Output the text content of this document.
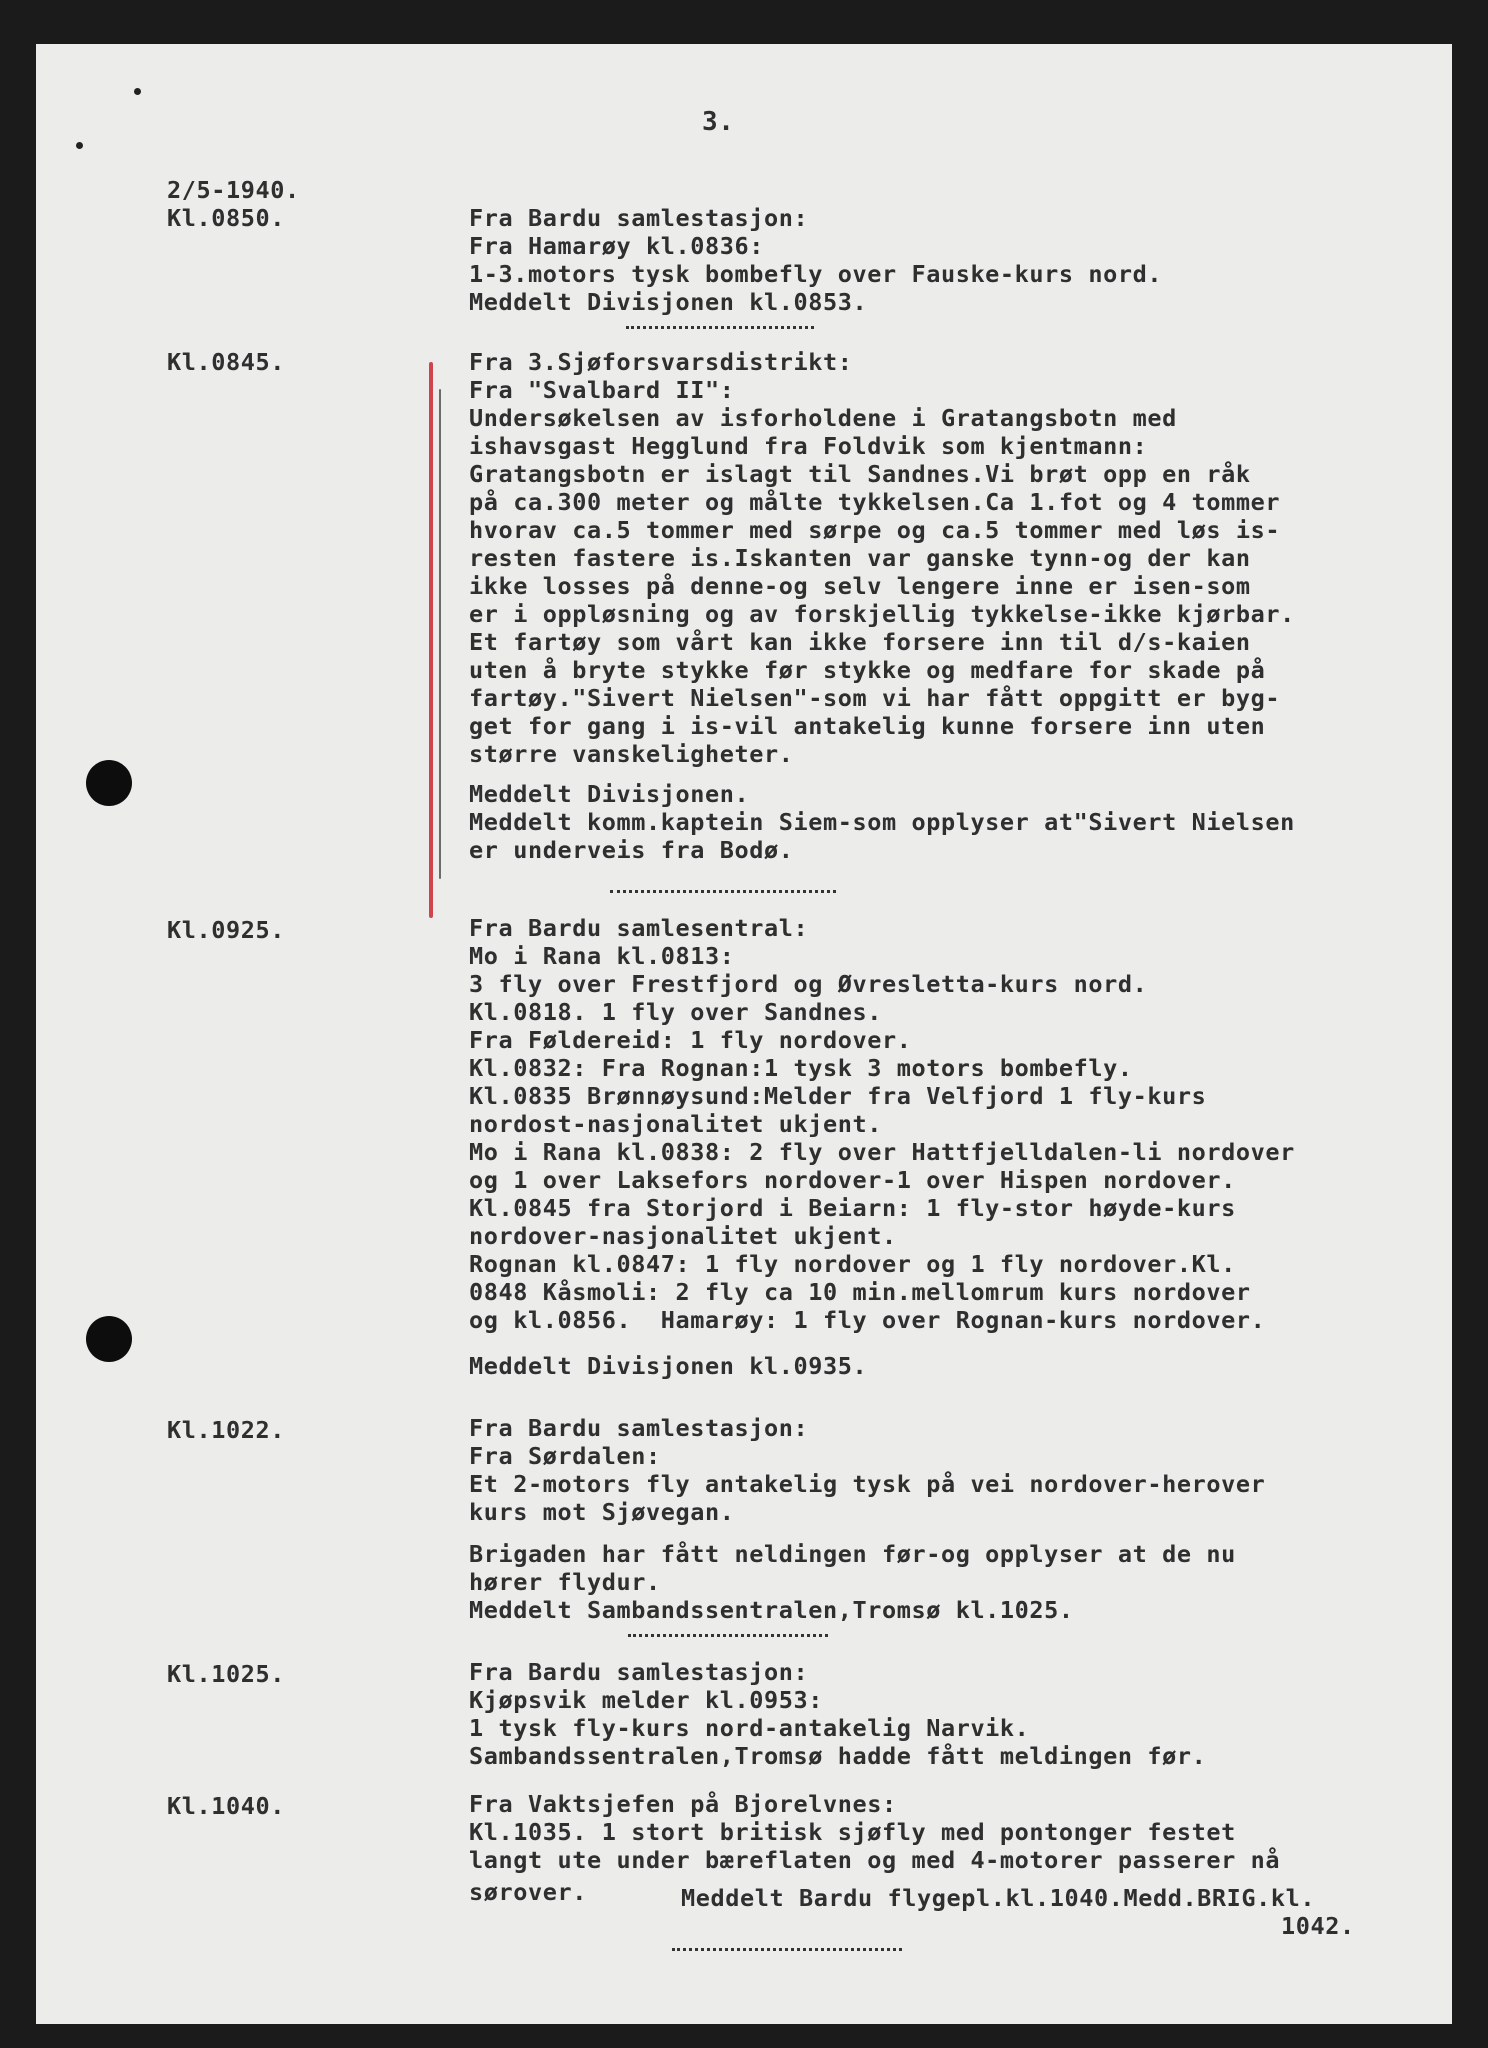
3.

2/5-1940.

Kl.0850.	Fra Bardu samlestasjon:

Fra Hamarøy kl.0836:

1-3.motors tysk bombefly over Fauske-kurs nord.

Meddelt Divisjonen kl.0853.

Kl.0845.	Fra 3.Sjøforsvarsdistrikt:

Fra "Svalbard II":

Undersøkelsen av isforholdene i Gratangsbotn med

ishavsgast Hegglund fra Foldvik som kjentmann:

Gratangsbotn er islagt til Sandnes.Vi brøt opp en råk

på ca.300 meter og målte tykkelsen.Ca 1.fot og 4 tommer

hvorav ca.5 tommer med sørpe og ca.5 tommer med løs is-

resten fastere is.Iskanten var ganske tynn-og der kan

ikke losses på denne-og selv lengere inne er isen-som

er i oppløsning og av forskjellig tykkelse-ikke kjørbar.

Et fartøy som vårt kan ikke forsere inn til d/s-kaien

uten å bryte stykke før stykke og medfare for skade på

fartøy."Sivert Nielsen"-som vi har fått oppgitt er byg-

get for gang i is-vil antakelig kunne forsere inn uten

større vanskeligheter.

Meddelt Divisjonen.

Meddelt komm.kaptein Siem-som opplyser at"Sivert Nielsen

er underveis fra Bodø.

Kl.0925.	Fra Bardu samlesentral:

Mo i Rana kl.0813:

3 fly over Frestfjord og Øvresletta-kurs nord.

Kl.0818. 1 fly over Sandnes.

Fra Føldereid: 1 fly nordover.

Kl.0832: Fra Rognan:1 tysk 3 motors bombefly.

Kl.0835 Brønnøysund:Melder fra Velfjord 1 fly-kurs

nordost-nasjonalitet ukjent.

Mo i Rana kl.0838: 2 fly over Hattfjelldalen-li nordover

og 1 over Laksefors nordover-1 over Hispen nordover.

Kl.0845 fra Storjord i Beiarn: 1 fly-stor høyde-kurs

nordover-nasjonalitet ukjent.

Rognan kl.0847: 1 fly nordover og 1 fly nordover.Kl.

0848 Kåsmoli: 2 fly ca 10 min.mellomrum kurs nordover

og kl.0856.  Hamarøy: 1 fly over Rognan-kurs nordover.

Meddelt Divisjonen kl.0935.

Kl.1022.	Fra Bardu samlestasjon:

Fra Sørdalen:

Et 2-motors fly antakelig tysk på vei nordover-herover

kurs mot Sjøvegan.

Brigaden har fått neldingen før-og opplyser at de nu

hører flydur.

Meddelt Sambandssentralen,Tromsø kl.1025.

Kl.1025.	Fra Bardu samlestasjon:

Kjøpsvik melder kl.0953:

1 tysk fly-kurs nord-antakelig Narvik.

Sambandssentralen,Tromsø hadde fått meldingen før.

Kl.1040.	Fra Vaktsjefen på Bjorelvnes:

Kl.1035. 1 stort britisk sjøfly med pontonger festet

langt ute under bæreflaten og med 4-motorer passerer nå

sørover.	Meddelt Bardu flygepl.kl.1040.Medd.BRIG.kl.

1042.
